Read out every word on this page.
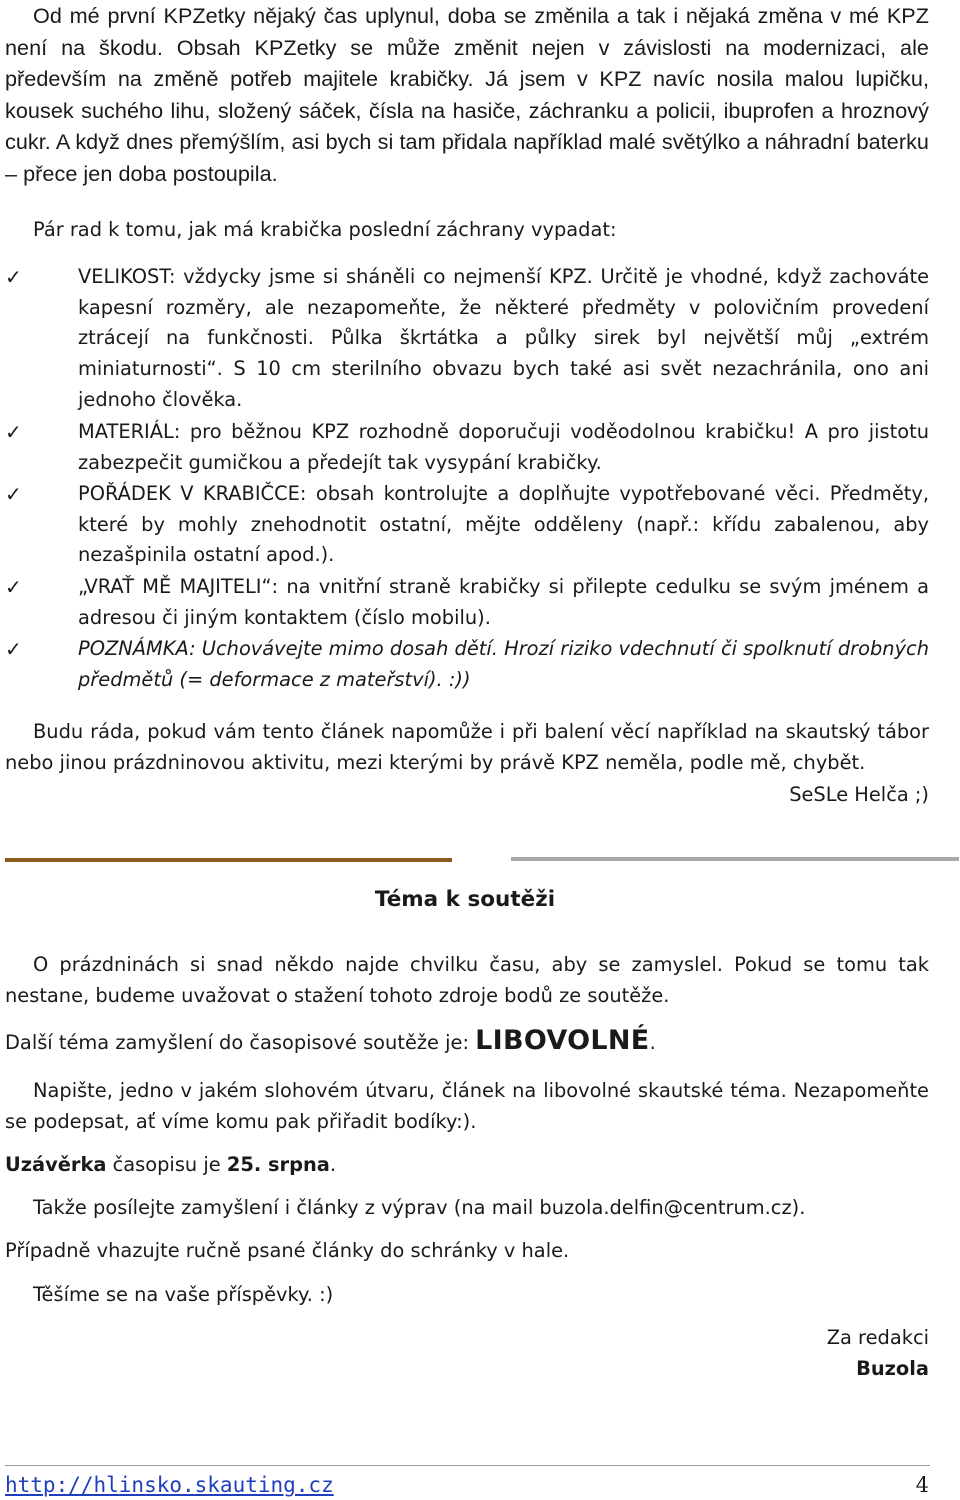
Od mé první KPZetky nějaký čas uplynul, doba se změnila a tak i nějaká změna v mé KPZ není na škodu. Obsah KPZetky se může změnit nejen v závislosti na modernizaci, ale především na změně potřeb majitele krabičky. Já jsem v KPZ navíc nosila malou lupičku, kousek suchého lihu, složený sáček, čísla na hasiče, záchranku a policii, ibuprofen a hroznový cukr. A když dnes přemýšlím, asi bych si tam přidala například malé světýlko a náhradní baterku – přece jen doba postoupila.

Pár rad k tomu, jak má krabička poslední záchrany vypadat:

✓	VELIKOST: vždycky jsme si sháněli co nejmenší KPZ. Určitě je vhodné, když zachováte kapesní rozměry, ale nezapomeňte, že některé předměty v polovičním provedení ztrácejí na funkčnosti. Půlka škrtátka a půlky sirek byl největší můj „extrém miniaturnosti“. S 10 cm sterilního obvazu bych také asi svět nezachránila, ono ani jednoho člověka.
✓	MATERIÁL: pro běžnou KPZ rozhodně doporučuji voděodolnou krabičku! A pro jistotu zabezpečit gumičkou a předejít tak vysypání krabičky.
✓	POŘÁDEK V KRABIČCE: obsah kontrolujte a doplňujte vypotřebované věci. Předměty, které by mohly znehodnotit ostatní, mějte odděleny (např.: křídu zabalenou, aby nezašpinila ostatní apod.).
✓	„VRAŤ MĚ MAJITELI“: na vnitřní straně krabičky si přilepte cedulku se svým jménem a adresou či jiným kontaktem (číslo mobilu).
✓	POZNÁMKA: Uchovávejte mimo dosah dětí. Hrozí riziko vdechnutí či spolknutí drobných předmětů (= deformace z mateřství). :))

Budu ráda, pokud vám tento článek napomůže i při balení věcí například na skautský tábor nebo jinou prázdninovou aktivitu, mezi kterými by právě KPZ neměla, podle mě, chybět.

SeSLe Helča ;)
Téma k soutěži

O prázdninách si snad někdo najde chvilku času, aby se zamyslel. Pokud se tomu tak nestane, budeme uvažovat o stažení tohoto zdroje bodů ze soutěže.

Další téma zamyšlení do časopisové soutěže je: LIBOVOLNÉ.

Napište, jedno v jakém slohovém útvaru, článek na libovolné skautské téma. Nezapomeňte se podepsat, ať víme komu pak přiřadit bodíky:).

Uzávěrka časopisu je 25. srpna.

Takže posílejte zamyšlení i články z výprav (na mail buzola.delfin@centrum.cz).

Případně vhazujte ručně psané články do schránky v hale.

Těšíme se na vaše příspěvky. :)

Za redakci
Buzola
http://hlinsko.skauting.cz	4
